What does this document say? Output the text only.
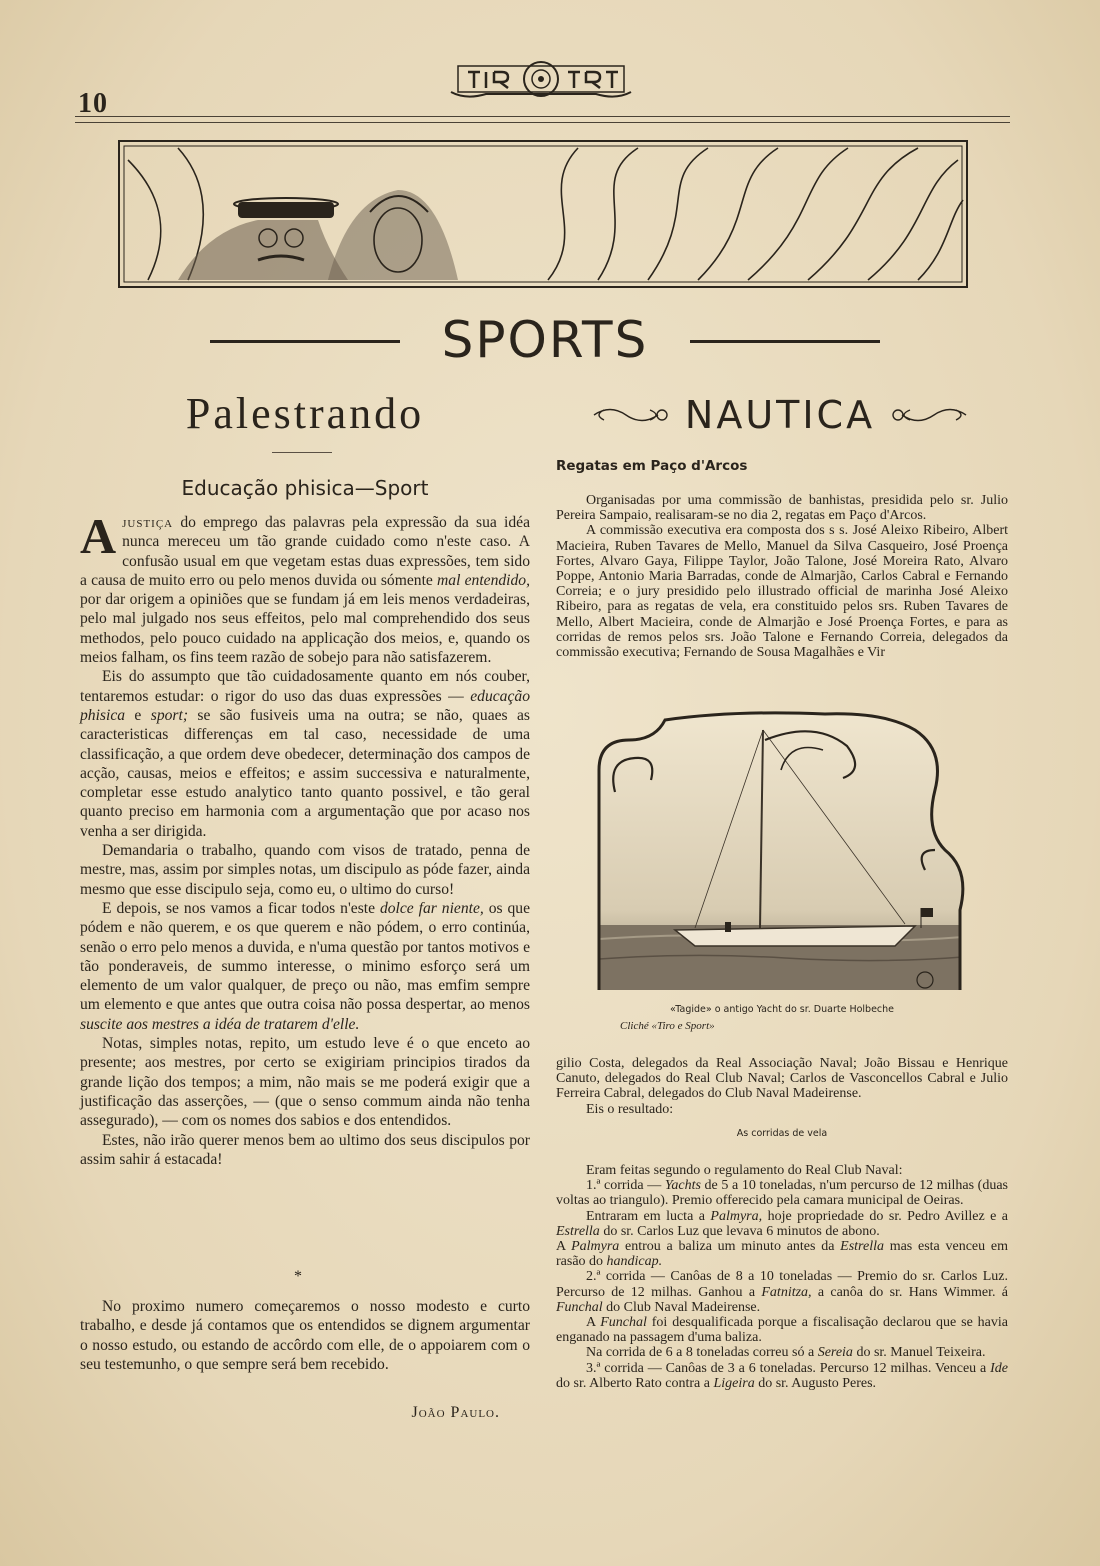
10
SPORTS
Palestrando
Educação phisica—Sport

Ajustiça do emprego das palavras pela expressão da sua idéa nunca mereceu um tão grande cuidado como n'este caso. A confusão usual em que vegetam estas duas expressões, tem sido a causa de muito erro ou pelo menos duvida ou sómente mal entendido, por dar origem a opiniões que se fundam já em leis menos verdadeiras, pelo mal julgado nos seus effeitos, pelo mal comprehendido dos seus methodos, pelo pouco cuidado na applicação dos meios, e, quando os meios falham, os fins teem razão de sobejo para não satisfazerem.

Eis do assumpto que tão cuidadosamente quanto em nós couber, tentaremos estudar: o rigor do uso das duas expressões — educação phisica e sport; se são fusiveis uma na outra; se não, quaes as caracteristicas differenças em tal caso, necessidade de uma classificação, a que ordem deve obedecer, determinação dos campos de acção, causas, meios e effeitos; e assim successiva e naturalmente, completar esse estudo analytico tanto quanto possivel, e tão geral quanto preciso em harmonia com a argumentação que por acaso nos venha a ser dirigida.

Demandaria o trabalho, quando com visos de tratado, penna de mestre, mas, assim por simples notas, um discipulo as póde fazer, ainda mesmo que esse discipulo seja, como eu, o ultimo do curso!

E depois, se nos vamos a ficar todos n'este dolce far niente, os que pódem e não querem, e os que querem e não pódem, o erro continúa, senão o erro pelo menos a duvida, e n'uma questão por tantos motivos e tão ponderaveis, de summo interesse, o minimo esforço será um elemento de um valor qualquer, de preço ou não, mas emfim sempre um elemento e que antes que outra coisa não possa despertar, ao menos suscite aos mestres a idéa de tratarem d'elle.

Notas, simples notas, repito, um estudo leve é o que enceto ao presente; aos mestres, por certo se exigiriam principios tirados da grande lição dos tempos; a mim, não mais se me poderá exigir que a justificação das asserções, — (que o senso commum ainda não tenha assegurado), — com os nomes dos sabios e dos entendidos.

Estes, não irão querer menos bem ao ultimo dos seus discipulos por assim sahir á estacada!

*

No proximo numero começaremos o nosso modesto e curto trabalho, e desde já contamos que os entendidos se dignem argumentar o nosso estudo, ou estando de accôrdo com elle, de o appoiarem com o seu testemunho, o que sempre será bem recebido.

João Paulo.
NAUTICA
Regatas em Paço d'Arcos

Organisadas por uma commissão de banhistas, presidida pelo sr. Julio Pereira Sampaio, realisaram-se no dia 2, regatas em Paço d'Arcos.

A commissão executiva era composta dos s s. José Aleixo Ribeiro, Albert Macieira, Ruben Tavares de Mello, Manuel da Silva Casqueiro, José Proença Fortes, Alvaro Gaya, Filippe Taylor, João Talone, José Moreira Rato, Alvaro Poppe, Antonio Maria Barradas, conde de Almarjão, Carlos Cabral e Fernando Correia; e o jury presidido pelo illustrado official de marinha José Aleixo Ribeiro, para as regatas de vela, era constituido pelos srs. Ruben Tavares de Mello, Albert Macieira, conde de Almarjão e José Proença Fortes, e para as corridas de remos pelos srs. João Talone e Fernando Correia, delegados da commissão executiva; Fernando de Sousa Magalhães e Vir

«Tagide» o antigo Yacht do sr. Duarte Holbeche
Cliché «Tiro e Sport»

gilio Costa, delegados da Real Associação Naval; João Bissau e Henrique Canuto, delegados do Real Club Naval; Carlos de Vasconcellos Cabral e Julio Ferreira Cabral, delegados do Club Naval Madeirense.

Eis o resultado:

As corridas de vela

Eram feitas segundo o regulamento do Real Club Naval:

1.ª corrida — Yachts de 5 a 10 toneladas, n'um percurso de 12 milhas (duas voltas ao triangulo). Premio offerecido pela camara municipal de Oeiras.

Entraram em lucta a Palmyra, hoje propriedade do sr. Pedro Avillez e a Estrella do sr. Carlos Luz que levava 6 minutos de abono.

A Palmyra entrou a baliza um minuto antes da Estrella mas esta venceu em rasão do handicap.

2.ª corrida — Canôas de 8 a 10 toneladas — Premio do sr. Carlos Luz. Percurso de 12 milhas. Ganhou a Fatnitza, a canôa do sr. Hans Wimmer. á Funchal do Club Naval Madeirense.

A Funchal foi desqualificada porque a fiscalisação declarou que se havia enganado na passagem d'uma baliza.

Na corrida de 6 a 8 toneladas correu só a Sereia do sr. Manuel Teixeira.

3.ª corrida — Canôas de 3 a 6 toneladas. Percurso 12 milhas. Venceu a Ide do sr. Alberto Rato contra a Ligeira do sr. Augusto Peres.
